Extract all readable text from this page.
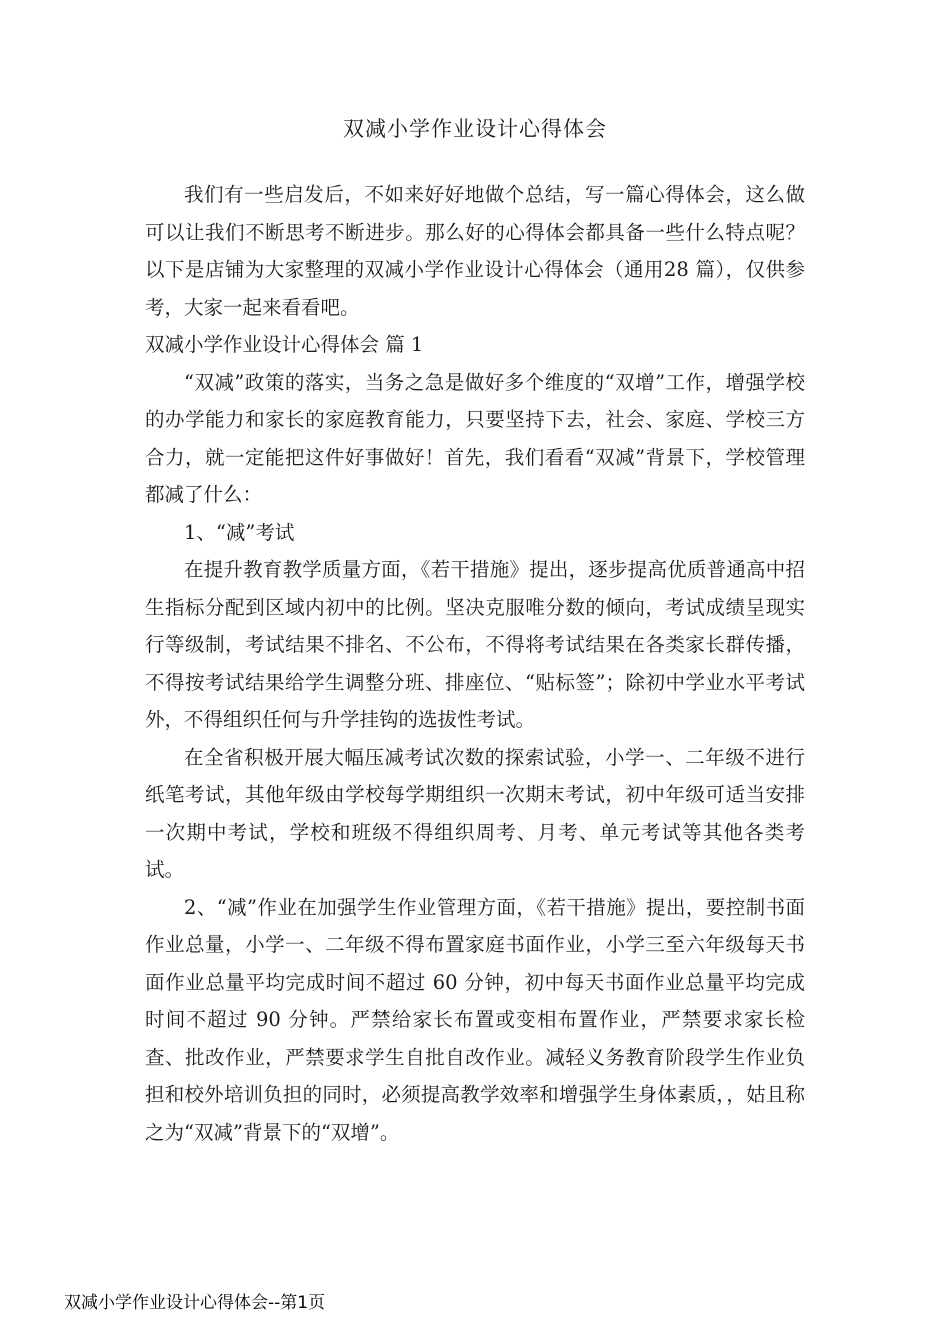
双减小学作业设计心得体会

我们有一些启发后，不如来好好地做个总结，写一篇心得体会，这么做可以让我们不断思考不断进步。那么好的心得体会都具备一些什么特点呢？以下是店铺为大家整理的双减小学作业设计心得体会（通用28 篇），仅供参考，大家一起来看看吧。

双减小学作业设计心得体会 篇 1

“双减”政策的落实，当务之急是做好多个维度的“双增”工作，增强学校的办学能力和家长的家庭教育能力，只要坚持下去，社会、家庭、学校三方合力，就一定能把这件好事做好！首先，我们看看“双减”背景下，学校管理都减了什么：

1、“减”考试

在提升教育教学质量方面，《若干措施》提出，逐步提高优质普通高中招生指标分配到区域内初中的比例。坚决克服唯分数的倾向，考试成绩呈现实行等级制，考试结果不排名、不公布，不得将考试结果在各类家长群传播，不得按考试结果给学生调整分班、排座位、“贴标签”；除初中学业水平考试外，不得组织任何与升学挂钩的选拔性考试。

在全省积极开展大幅压减考试次数的探索试验，小学一、二年级不进行纸笔考试，其他年级由学校每学期组织一次期末考试，初中年级可适当安排一次期中考试，学校和班级不得组织周考、月考、单元考试等其他各类考试。

2、“减”作业在加强学生作业管理方面，《若干措施》提出，要控制书面作业总量，小学一、二年级不得布置家庭书面作业，小学三至六年级每天书面作业总量平均完成时间不超过 60 分钟，初中每天书面作业总量平均完成时间不超过 90 分钟。严禁给家长布置或变相布置作业，严禁要求家长检查、批改作业，严禁要求学生自批自改作业。减轻义务教育阶段学生作业负担和校外培训负担的同时，必须提高教学效率和增强学生身体素质，，姑且称之为“双减”背景下的“双增”。

双减小学作业设计心得体会--第1页
